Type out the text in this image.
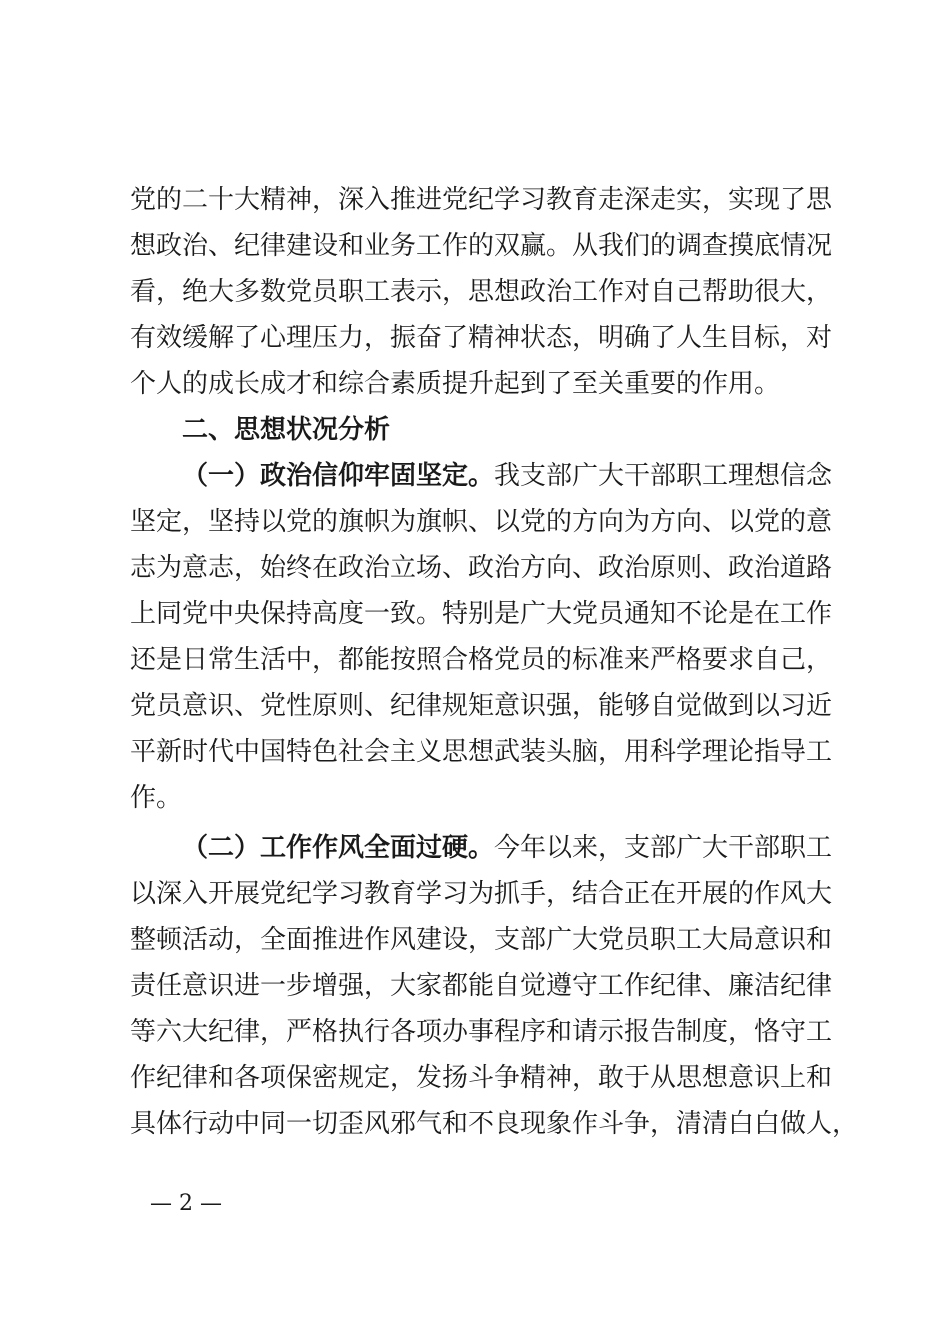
党的二十大精神，深入推进党纪学习教育走深走实，实现了思
想政治、纪律建设和业务工作的双赢。从我们的调查摸底情况
看，绝大多数党员职工表示，思想政治工作对自己帮助很大，
有效缓解了心理压力，振奋了精神状态，明确了人生目标，对
个人的成长成才和综合素质提升起到了至关重要的作用。
二、思想状况分析
（一）政治信仰牢固坚定。我支部广大干部职工理想信念
坚定，坚持以党的旗帜为旗帜、以党的方向为方向、以党的意
志为意志，始终在政治立场、政治方向、政治原则、政治道路
上同党中央保持高度一致。特别是广大党员通知不论是在工作
还是日常生活中，都能按照合格党员的标准来严格要求自己，
党员意识、党性原则、纪律规矩意识强，能够自觉做到以习近
平新时代中国特色社会主义思想武装头脑，用科学理论指导工
作。
（二）工作作风全面过硬。今年以来，支部广大干部职工
以深入开展党纪学习教育学习为抓手，结合正在开展的作风大
整顿活动，全面推进作风建设，支部广大党员职工大局意识和
责任意识进一步增强，大家都能自觉遵守工作纪律、廉洁纪律
等六大纪律，严格执行各项办事程序和请示报告制度，恪守工
作纪律和各项保密规定，发扬斗争精神，敢于从思想意识上和
具体行动中同一切歪风邪气和不良现象作斗争，清清白白做人，
— 2 —
